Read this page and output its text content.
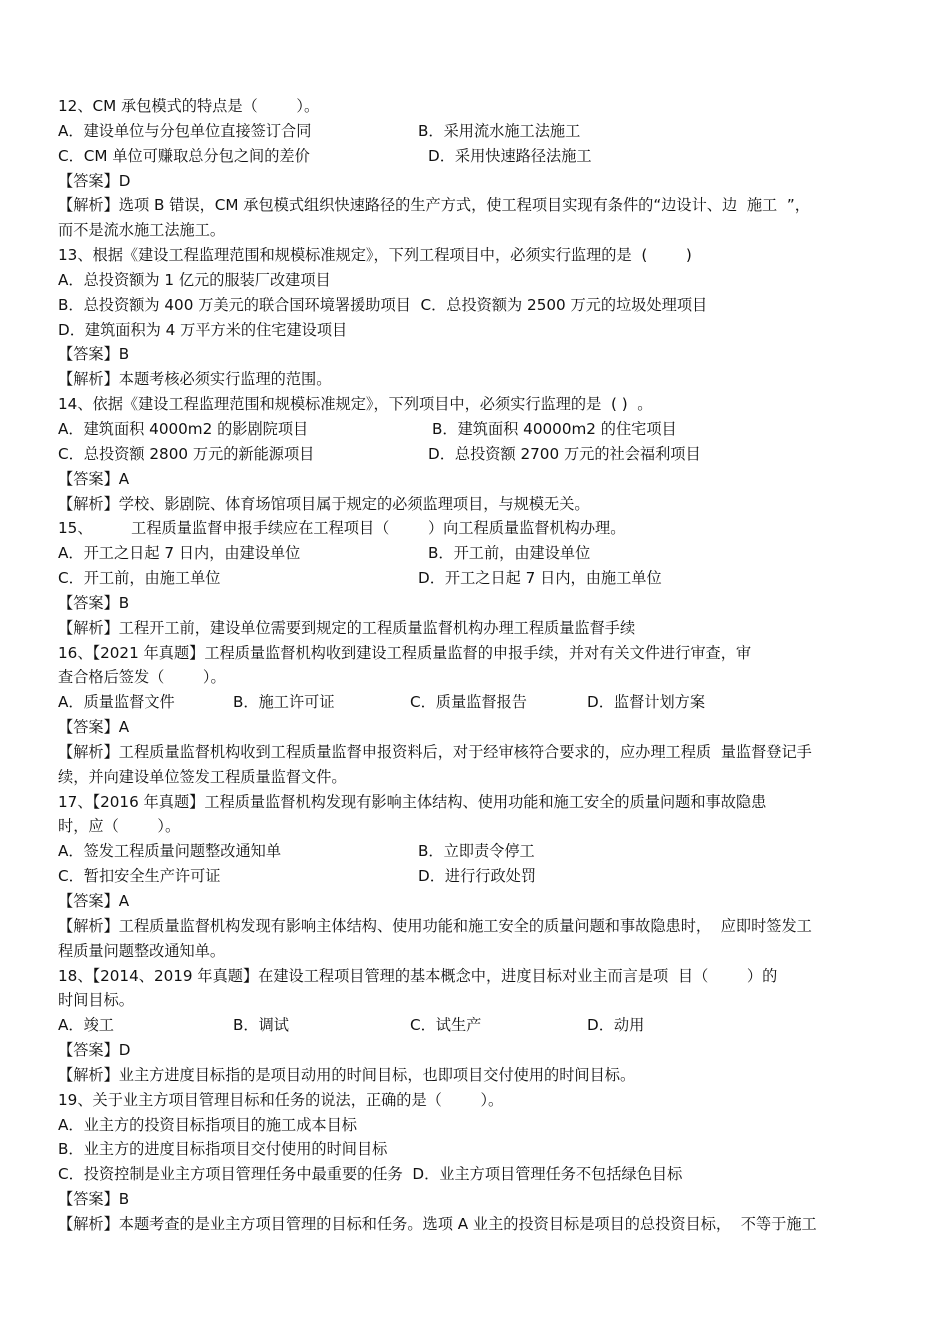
12、CM 承包模式的特点是（        ）。
A．建设单位与分包单位直接签订合同	B．采用流水施工法施工
C．CM 单位可赚取总分包之间的差价	D．采用快速路径法施工
【答案】D
【解析】选项 B 错误，CM 承包模式组织快速路径的生产方式，使工程项目实现有条件的“边设计、边  施工  ”，
而不是流水施工法施工。
13、根据《建设工程监理范围和规模标准规定》，下列工程项目中，必须实行监理的是  (        )
A．总投资额为 1 亿元的服装厂改建项目
B．总投资额为 400 万美元的联合国环境署援助项目  C．总投资额为 2500 万元的垃圾处理项目
D．建筑面积为 4 万平方米的住宅建设项目
【答案】B
【解析】本题考核必须实行监理的范围。
14、依据《建设工程监理范围和规模标准规定》，下列项目中，必须实行监理的是  ( )  。
A．建筑面积 4000m2 的影剧院项目	B．建筑面积 40000m2 的住宅项目
C．总投资额 2800 万元的新能源项目	D．总投资额 2700 万元的社会福利项目
【答案】A
【解析】学校、影剧院、体育场馆项目属于规定的必须监理项目，与规模无关。
15、        工程质量监督申报手续应在工程项目（        ）向工程质量监督机构办理。
A．开工之日起 7 日内，由建设单位	B．开工前，由建设单位
C．开工前，由施工单位	D．开工之日起 7 日内，由施工单位
【答案】B
【解析】工程开工前，建设单位需要到规定的工程质量监督机构办理工程质量监督手续
16、【2021 年真题】工程质量监督机构收到建设工程质量监督的申报手续，并对有关文件进行审查，审
查合格后签发（        ）。
A．质量监督文件	B．施工许可证	C．质量监督报告	D．监督计划方案
【答案】A
【解析】工程质量监督机构收到工程质量监督申报资料后，对于经审核符合要求的，应办理工程质  量监督登记手
续，并向建设单位签发工程质量监督文件。
17、【2016 年真题】工程质量监督机构发现有影响主体结构、使用功能和施工安全的质量问题和事故隐患
时，应（        ）。
A．签发工程质量问题整改通知单	B．立即责令停工
C．暂扣安全生产许可证	D．进行行政处罚
【答案】A
【解析】工程质量监督机构发现有影响主体结构、使用功能和施工安全的质量问题和事故隐患时，  应即时签发工
程质量问题整改通知单。
18、【2014、2019 年真题】在建设工程项目管理的基本概念中，进度目标对业主而言是项  目（        ）的
时间目标。
A．竣工	B．调试	C．试生产	D．动用
【答案】D
【解析】业主方进度目标指的是项目动用的时间目标，也即项目交付使用的时间目标。
19、关于业主方项目管理目标和任务的说法，正确的是（        ）。
A．业主方的投资目标指项目的施工成本目标
B．业主方的进度目标指项目交付使用的时间目标
C．投资控制是业主方项目管理任务中最重要的任务  D．业主方项目管理任务不包括绿色目标
【答案】B
【解析】本题考查的是业主方项目管理的目标和任务。选项 A 业主的投资目标是项目的总投资目标，  不等于施工
